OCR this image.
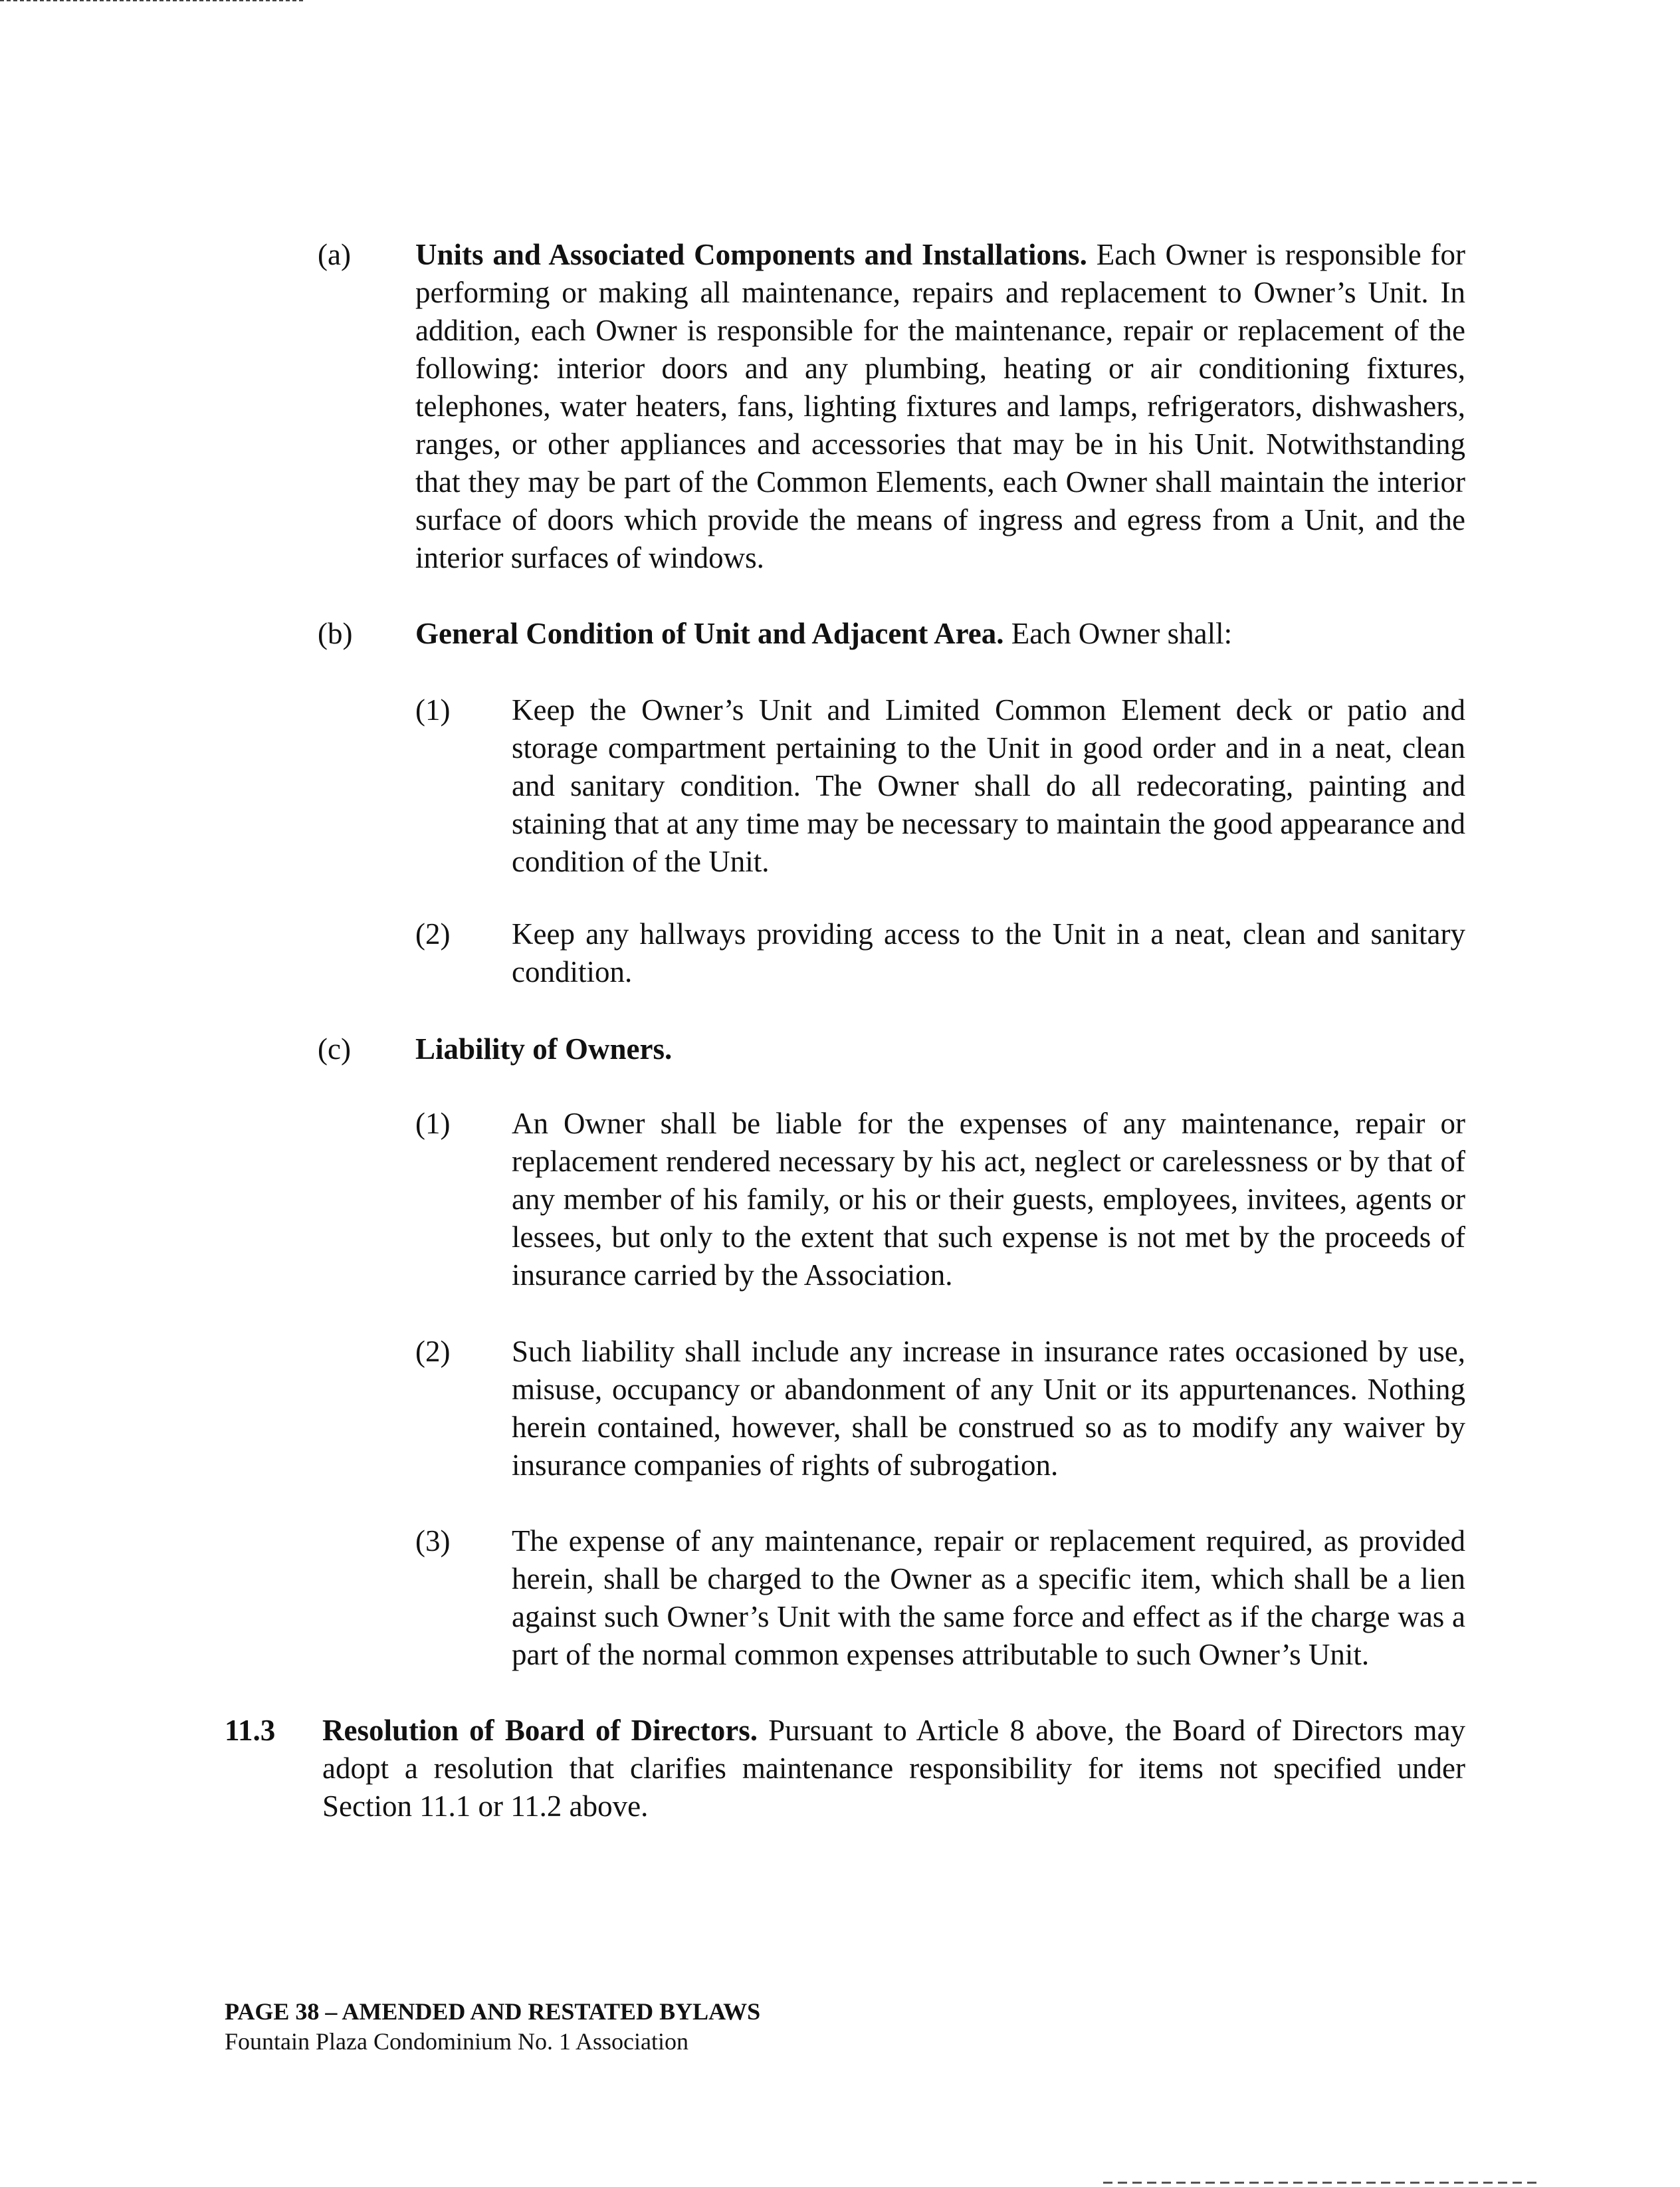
(a) Units and Associated Components and Installations. Each Owner is responsible for performing or making all maintenance, repairs and replacement to Owner’s Unit. In addition, each Owner is responsible for the maintenance, repair or replacement of the following: interior doors and any plumbing, heating or air conditioning fixtures, telephones, water heaters, fans, lighting fixtures and lamps, refrigerators, dishwashers, ranges, or other appliances and accessories that may be in his Unit. Notwithstanding that they may be part of the Common Elements, each Owner shall maintain the interior surface of doors which provide the means of ingress and egress from a Unit, and the interior surfaces of windows.
(b) General Condition of Unit and Adjacent Area. Each Owner shall:
(1) Keep the Owner’s Unit and Limited Common Element deck or patio and storage compartment pertaining to the Unit in good order and in a neat, clean and sanitary condition. The Owner shall do all redecorating, painting and staining that at any time may be necessary to maintain the good appearance and condition of the Unit.
(2) Keep any hallways providing access to the Unit in a neat, clean and sanitary condition.
(c) Liability of Owners.
(1) An Owner shall be liable for the expenses of any maintenance, repair or replacement rendered necessary by his act, neglect or carelessness or by that of any member of his family, or his or their guests, employees, invitees, agents or lessees, but only to the extent that such expense is not met by the proceeds of insurance carried by the Association.
(2) Such liability shall include any increase in insurance rates occasioned by use, misuse, occupancy or abandonment of any Unit or its appurtenances. Nothing herein contained, however, shall be construed so as to modify any waiver by insurance companies of rights of subrogation.
(3) The expense of any maintenance, repair or replacement required, as provided herein, shall be charged to the Owner as a specific item, which shall be a lien against such Owner’s Unit with the same force and effect as if the charge was a part of the normal common expenses attributable to such Owner’s Unit.
11.3 Resolution of Board of Directors. Pursuant to Article 8 above, the Board of Directors may adopt a resolution that clarifies maintenance responsibility for items not specified under Section 11.1 or 11.2 above.
PAGE 38 – AMENDED AND RESTATED BYLAWS
Fountain Plaza Condominium No. 1 Association
